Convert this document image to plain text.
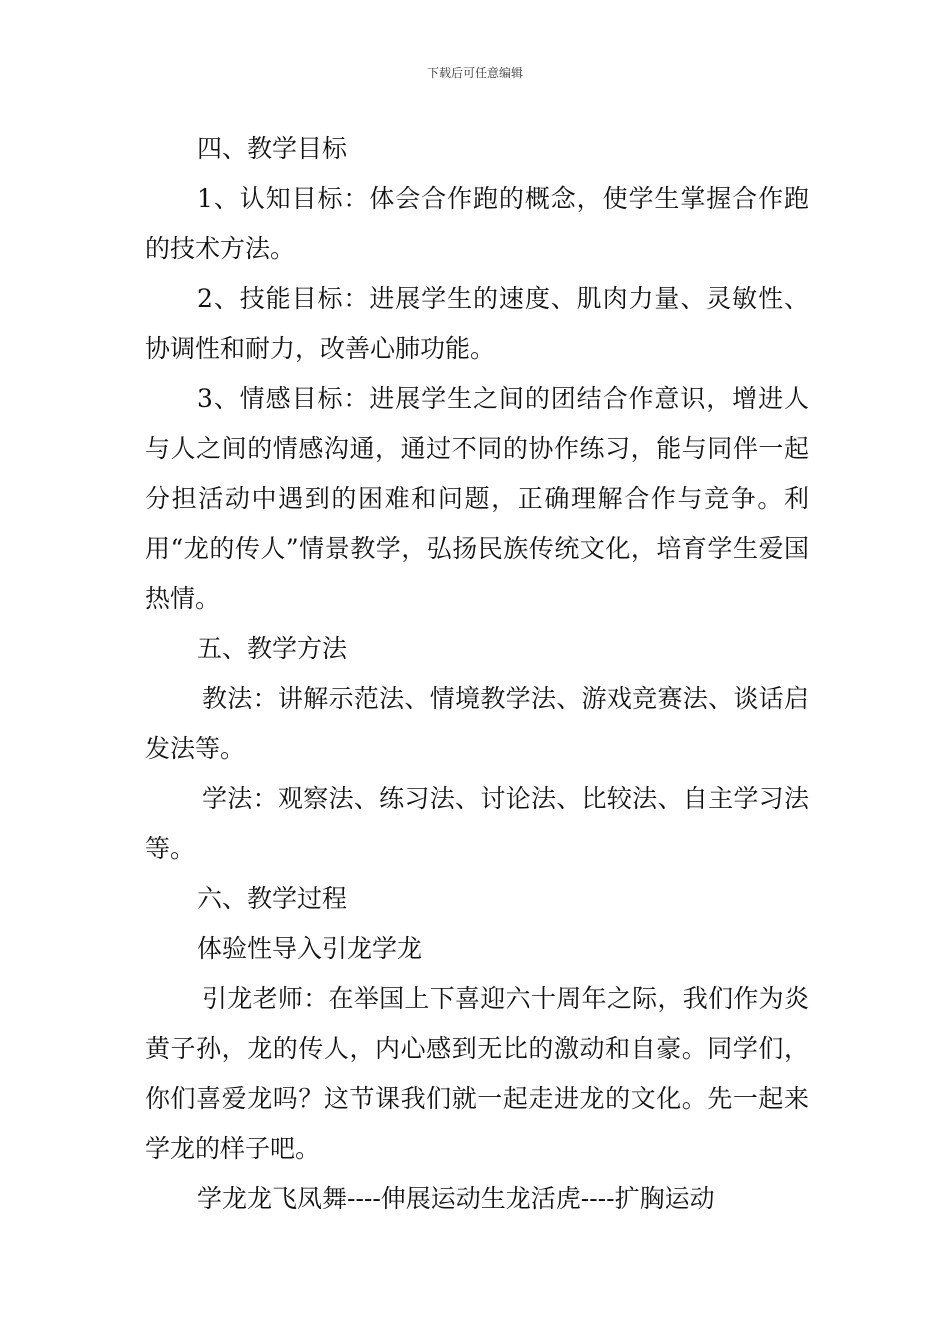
下载后可任意编辑

四、教学目标

1、认知目标：体会合作跑的概念，使学生掌握合作跑的技术方法。

2、技能目标：进展学生的速度、肌肉力量、灵敏性、协调性和耐力，改善心肺功能。

3、情感目标：进展学生之间的团结合作意识，增进人与人之间的情感沟通，通过不同的协作练习，能与同伴一起分担活动中遇到的困难和问题，正确理解合作与竞争。利用“龙的传人”情景教学，弘扬民族传统文化，培育学生爱国热情。

五、教学方法

教法：讲解示范法、情境教学法、游戏竞赛法、谈话启发法等。

学法：观察法、练习法、讨论法、比较法、自主学习法等。

六、教学过程

体验性导入引龙学龙

引龙老师：在举国上下喜迎六十周年之际，我们作为炎黄子孙，龙的传人，内心感到无比的激动和自豪。同学们，你们喜爱龙吗？这节课我们就一起走进龙的文化。先一起来学龙的样子吧。

学龙龙飞凤舞----伸展运动生龙活虎----扩胸运动
